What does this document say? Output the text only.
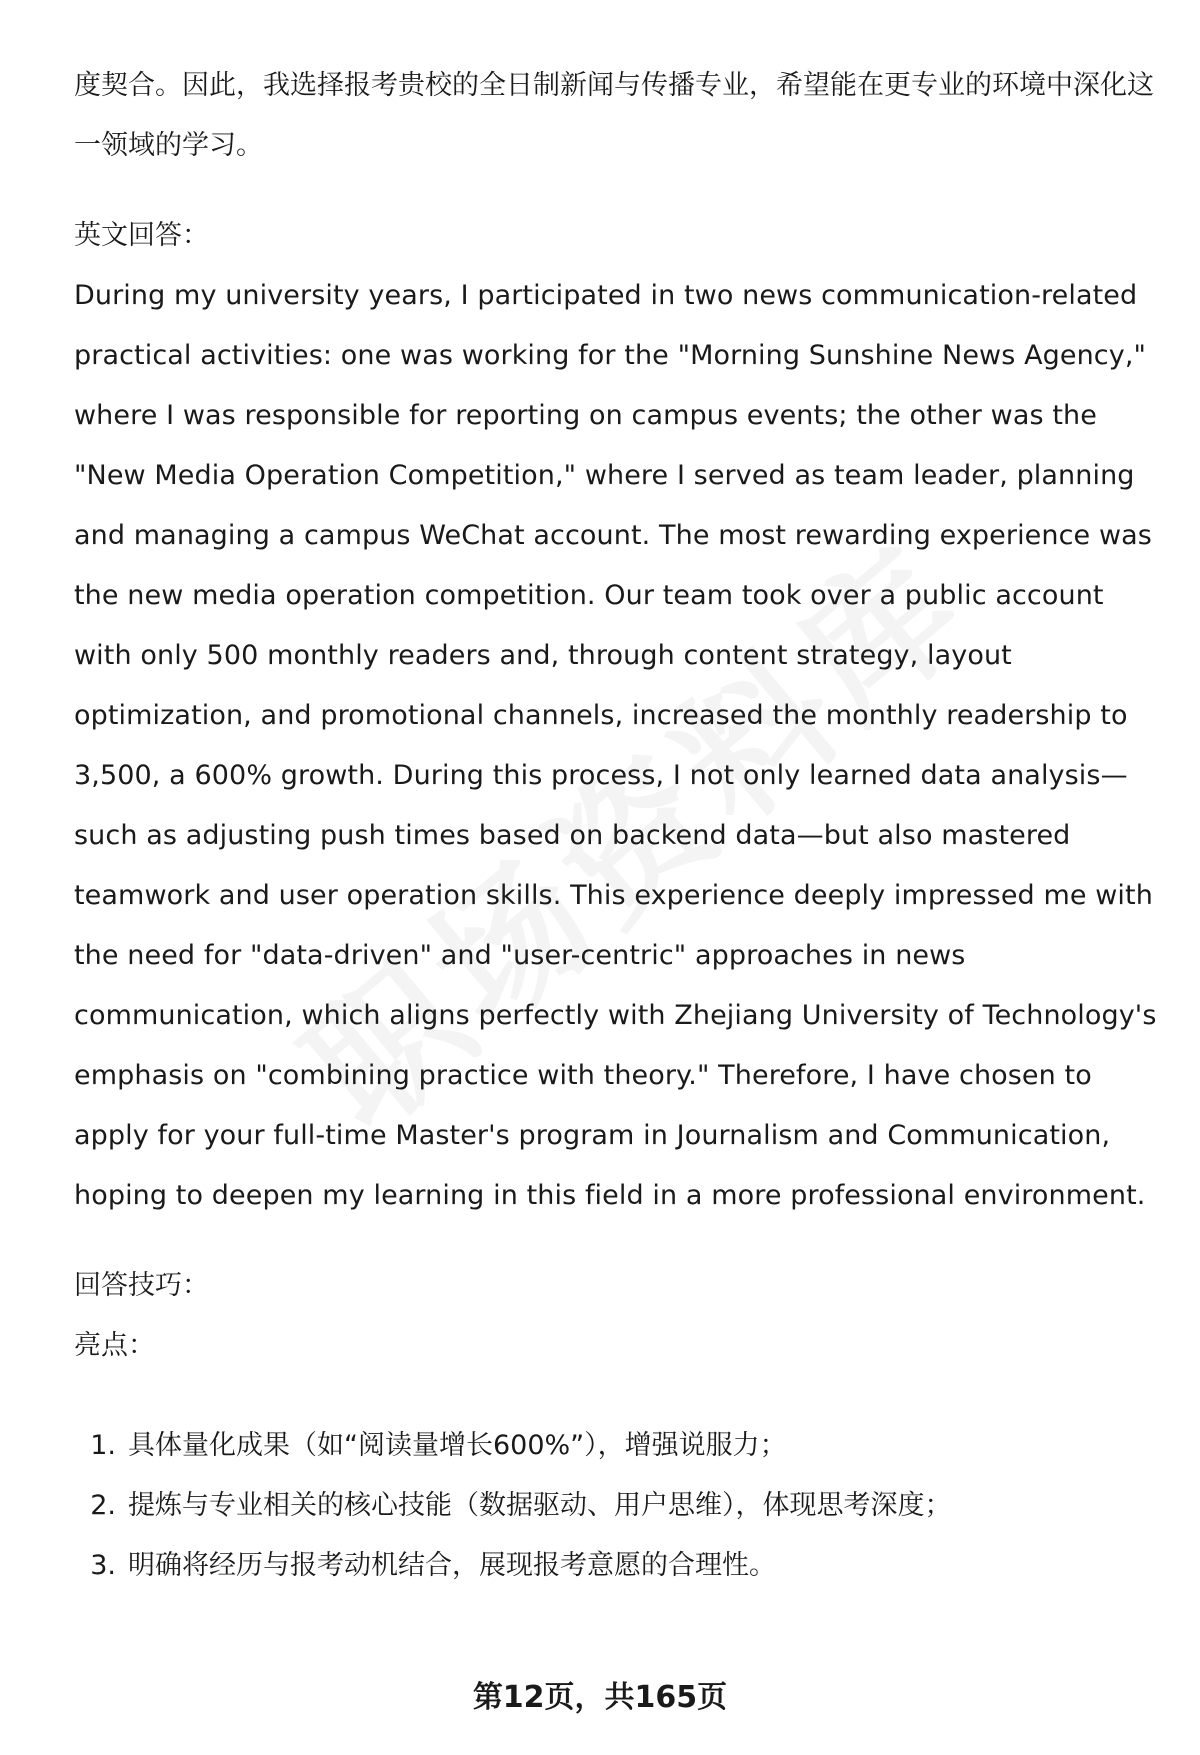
度契合。因此，我选择报考贵校的全日制新闻与传播专业，希望能在更专业的环境中深化这一领域的学习。

英文回答：

During my university years, I participated in two news communication-related practical activities: one was working for the "Morning Sunshine News Agency," where I was responsible for reporting on campus events; the other was the "New Media Operation Competition," where I served as team leader, planning and managing a campus WeChat account. The most rewarding experience was the new media operation competition. Our team took over a public account with only 500 monthly readers and, through content strategy, layout optimization, and promotional channels, increased the monthly readership to 3,500, a 600% growth. During this process, I not only learned data analysis—such as adjusting push times based on backend data—but also mastered teamwork and user operation skills. This experience deeply impressed me with the need for "data-driven" and "user-centric" approaches in news communication, which aligns perfectly with Zhejiang University of Technology's emphasis on "combining practice with theory." Therefore, I have chosen to apply for your full-time Master's program in Journalism and Communication, hoping to deepen my learning in this field in a more professional environment.

回答技巧：

亮点：

1. 具体量化成果（如“阅读量增长600%”），增强说服力；
2. 提炼与专业相关的核心技能（数据驱动、用户思维），体现思考深度；
3. 明确将经历与报考动机结合，展现报考意愿的合理性。
第12页，共165页
